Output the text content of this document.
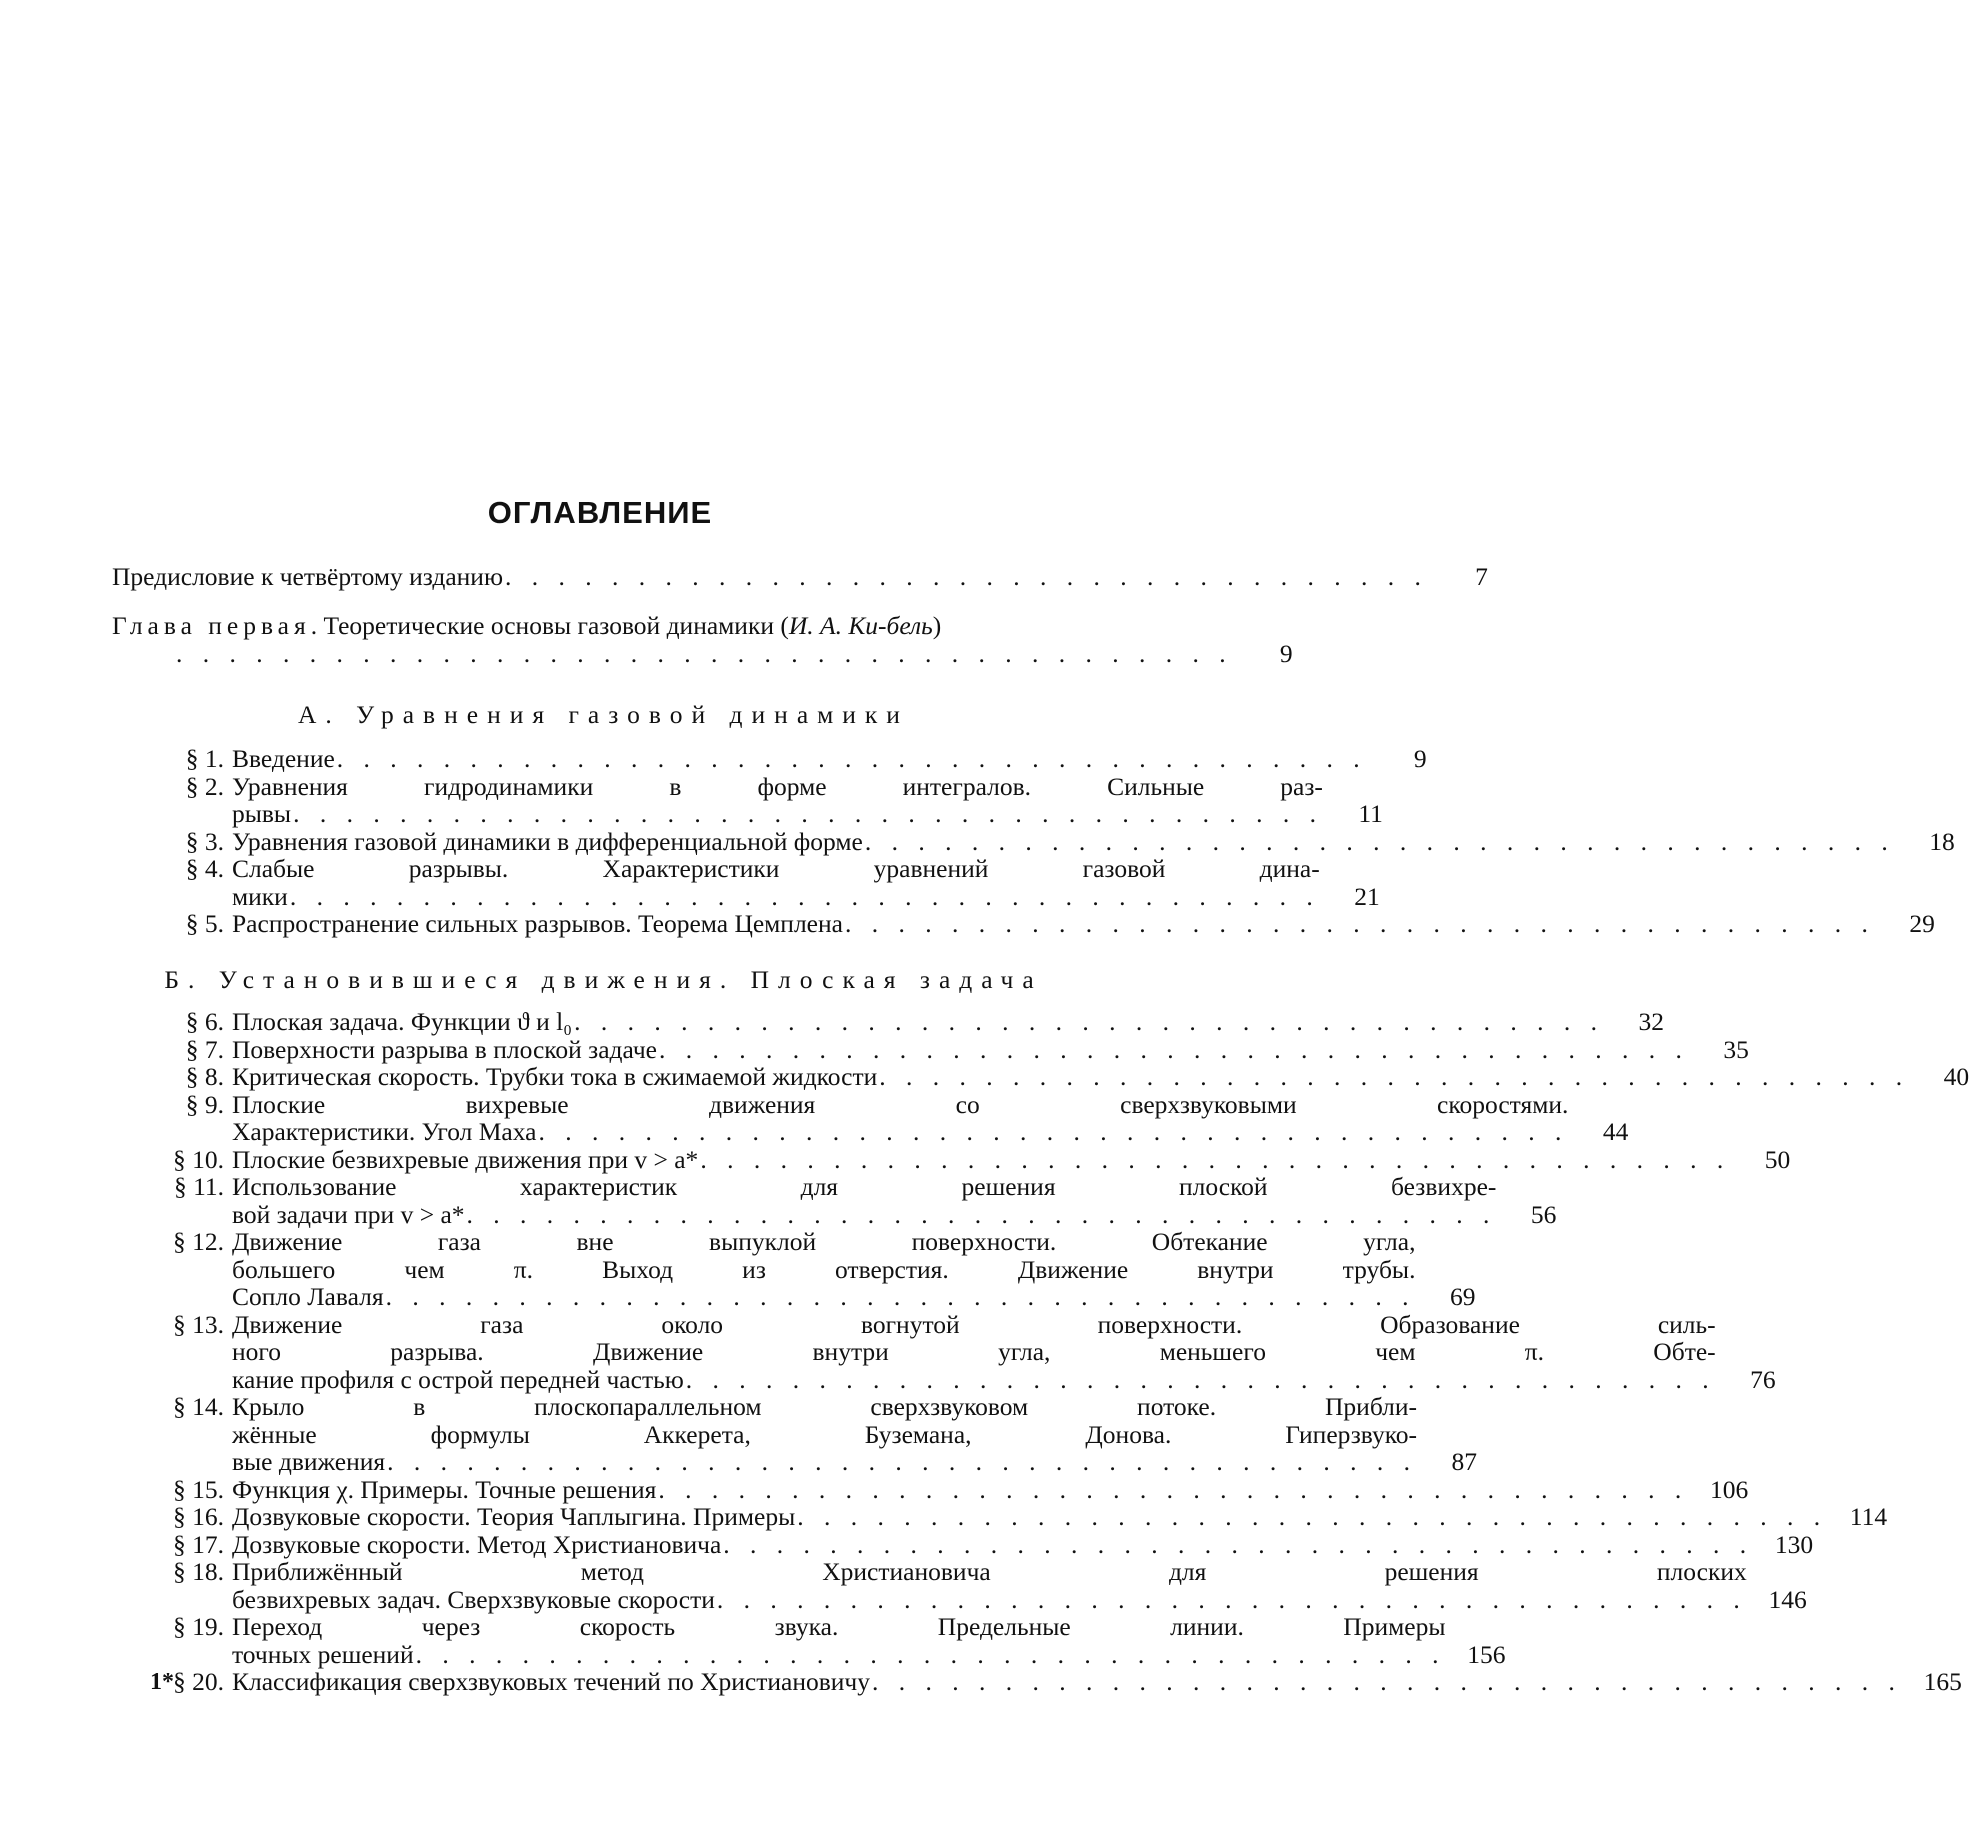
ОГЛАВЛЕНИЕ
Предисловие к четвёртому изданию . . . . . . . . . . . . . . . . . . . . . . . . . . . . . . . . . . .	7
Глава первая. Теоретические основы газовой динамики (И. А. Ки-бель)
. . . . . . . . . . . . . . . . . . . . . . . . . . . . . . . . . . . . . . . .	9
А. Уравнения газовой динамики
§ 1. Введение . . . . . . . . . . . . . . . . . . . . . . . . . . . . . . . . . . . . . . .	9
§ 2. Уравнения гидродинамики в форме интегралов. Сильные раз-
рывы . . . . . . . . . . . . . . . . . . . . . . . . . . . . . . . . . . . . . . .	11
§ 3. Уравнения газовой динамики в дифференциальной форме . . . . . . . . . . . . . . . . . . . . . . . . . . . . . . . . . . . . . . .	18
§ 4. Слабые разрывы. Характеристики уравнений газовой дина-
мики . . . . . . . . . . . . . . . . . . . . . . . . . . . . . . . . . . . . . . .	21
§ 5. Распространение сильных разрывов. Теорема Цемплена . . . . . . . . . . . . . . . . . . . . . . . . . . . . . . . . . . . . . . .	29
Б. Установившиеся движения. Плоская задача
§ 6. Плоская задача. Функции ϑ и l₀ . . . . . . . . . . . . . . . . . . . . . . . . . . . . . . . . . . . . . . .	32
§ 7. Поверхности разрыва в плоской задаче . . . . . . . . . . . . . . . . . . . . . . . . . . . . . . . . . . . . . . .	35
§ 8. Критическая скорость. Трубки тока в сжимаемой жидкости . . . . . . . . . . . . . . . . . . . . . . . . . . . . . . . . . . . . . . .	40
§ 9. Плоские вихревые движения со сверхзвуковыми скоростями.
Характеристики. Угол Маха . . . . . . . . . . . . . . . . . . . . . . . . . . . . . . . . . . . . . . .	44
§ 10. Плоские безвихревые движения при v > a* . . . . . . . . . . . . . . . . . . . . . . . . . . . . . . . . . . . . . . .	50
§ 11. Использование характеристик для решения плоской безвихре-
вой задачи при v > a* . . . . . . . . . . . . . . . . . . . . . . . . . . . . . . . . . . . . . . .	56
§ 12. Движение газа вне выпуклой поверхности. Обтекание угла,
большего чем π. Выход из отверстия. Движение внутри трубы.
Сопло Лаваля . . . . . . . . . . . . . . . . . . . . . . . . . . . . . . . . . . . . . . .	69
§ 13. Движение газа около вогнутой поверхности. Образование силь-
ного разрыва. Движение внутри угла, меньшего чем π. Обте-
кание профиля с острой передней частью . . . . . . . . . . . . . . . . . . . . . . . . . . . . . . . . . . . . . . .	76
§ 14. Крыло в плоскопараллельном сверхзвуковом потоке. Прибли-
жённые формулы Аккерета, Буземана, Донова. Гиперзвуко-
вые движения . . . . . . . . . . . . . . . . . . . . . . . . . . . . . . . . . . . . . . .	87
§ 15. Функция χ. Примеры. Точные решения . . . . . . . . . . . . . . . . . . . . . . . . . . . . . . . . . . . . . . . 106
§ 16. Дозвуковые скорости. Теория Чаплыгина. Примеры . . . . . . . . . . . . . . . . . . . . . . . . . . . . . . . . . . . . . . . 114
§ 17. Дозвуковые скорости. Метод Христиановича . . . . . . . . . . . . . . . . . . . . . . . . . . . . . . . . . . . . . . . 130
§ 18. Приближённый метод Христиановича для решения плоских
безвихревых задач. Сверхзвуковые скорости . . . . . . . . . . . . . . . . . . . . . . . . . . . . . . . . . . . . . . . 146
§ 19. Переход через скорость звука. Предельные линии. Примеры
точных решений . . . . . . . . . . . . . . . . . . . . . . . . . . . . . . . . . . . . . . . 156
§ 20. Классификация сверхзвуковых течений по Христиановичу . . . . . . . . . . . . . . . . . . . . . . . . . . . . . . . . . . . . . . . 165
1*
